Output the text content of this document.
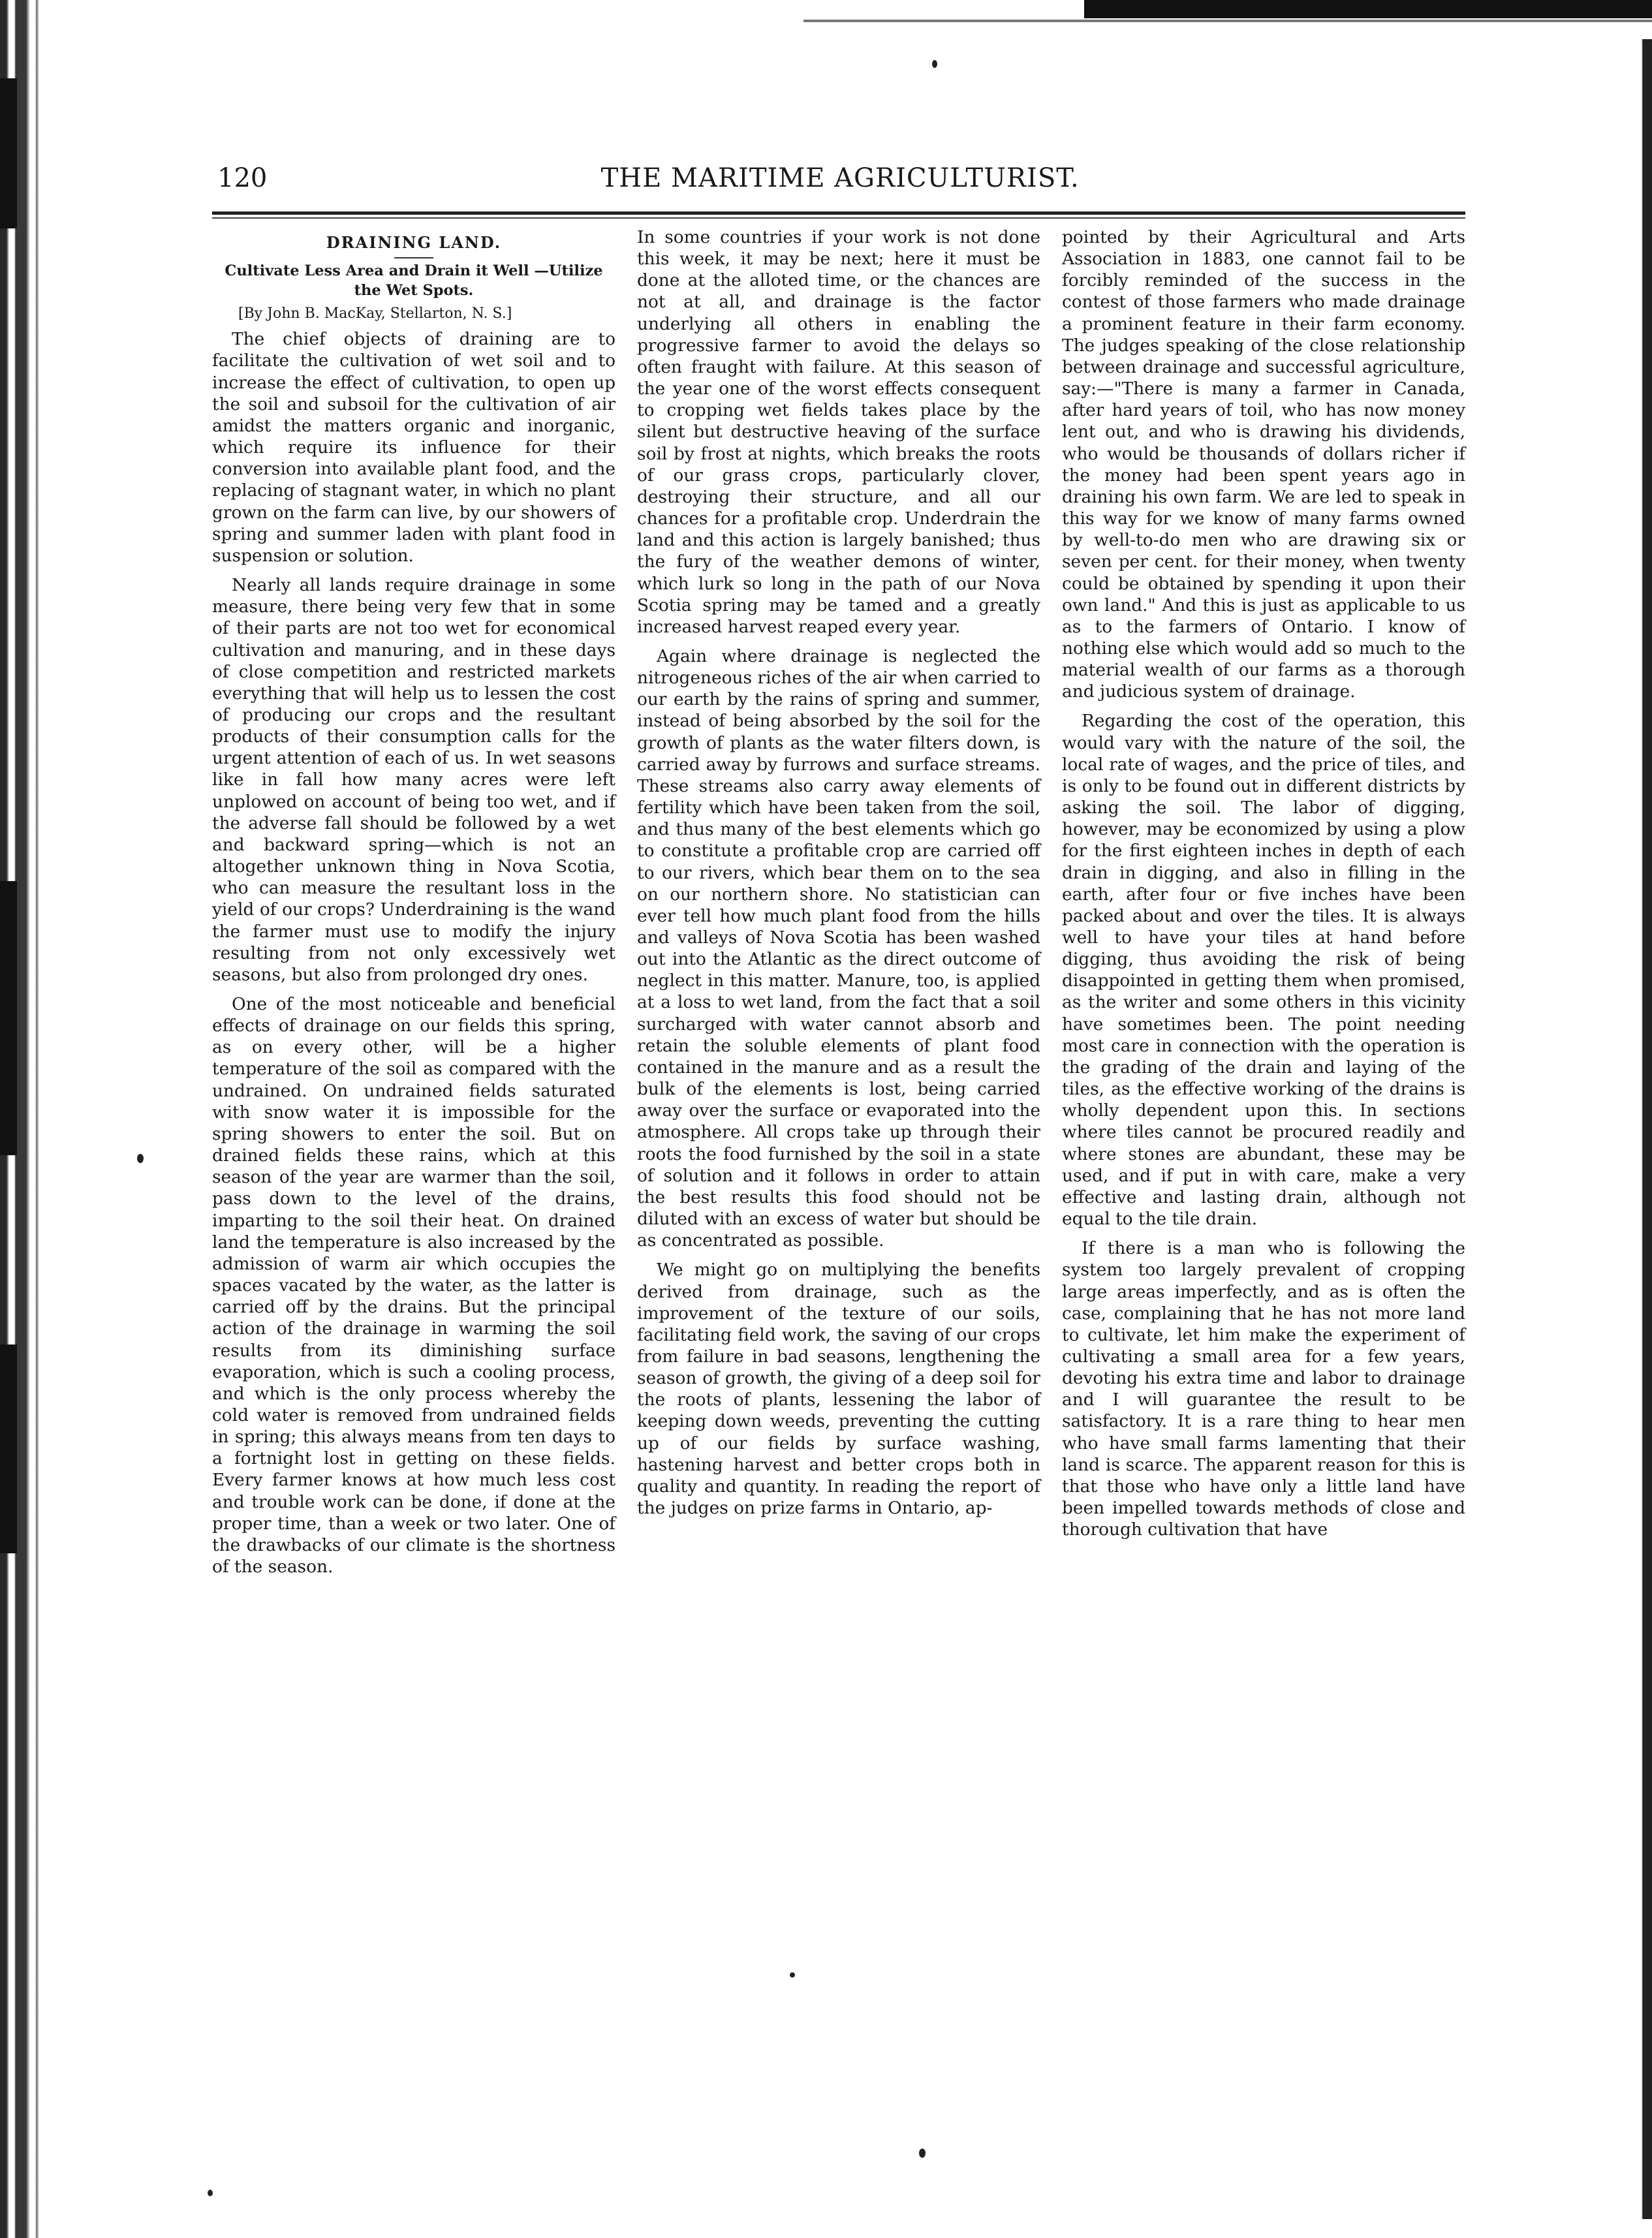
120	THE MARITIME AGRICULTURIST.
DRAINING LAND.
Cultivate Less Area and Drain it Well —Utilize the Wet Spots.
[By John B. MacKay, Stellarton, N. S.]

The chief objects of draining are to facilitate the cultivation of wet soil and to increase the effect of cultivation, to open up the soil and subsoil for the cultivation of air amidst the matters organic and inorganic, which require its influence for their conversion into available plant food, and the replacing of stagnant water, in which no plant grown on the farm can live, by our showers of spring and summer laden with plant food in suspension or solution.

Nearly all lands require drainage in some measure, there being very few that in some of their parts are not too wet for economical cultivation and manuring, and in these days of close competition and restricted markets everything that will help us to lessen the cost of producing our crops and the resultant products of their consumption calls for the urgent attention of each of us. In wet seasons like in fall how many acres were left unplowed on account of being too wet, and if the adverse fall should be followed by a wet and backward spring—which is not an altogether unknown thing in Nova Scotia, who can measure the resultant loss in the yield of our crops? Underdraining is the wand the farmer must use to modify the injury resulting from not only excessively wet seasons, but also from prolonged dry ones.

One of the most noticeable and beneficial effects of drainage on our fields this spring, as on every other, will be a higher temperature of the soil as compared with the undrained. On undrained fields saturated with snow water it is impossible for the spring showers to enter the soil. But on drained fields these rains, which at this season of the year are warmer than the soil, pass down to the level of the drains, imparting to the soil their heat. On drained land the temperature is also increased by the admission of warm air which occupies the spaces vacated by the water, as the latter is carried off by the drains. But the principal action of the drainage in warming the soil results from its diminishing surface evaporation, which is such a cooling process, and which is the only process whereby the cold water is removed from undrained fields in spring; this always means from ten days to a fortnight lost in getting on these fields. Every farmer knows at how much less cost and trouble work can be done, if done at the proper time, than a week or two later. One of the drawbacks of our climate is the shortness of the season.

In some countries if your work is not done this week, it may be next; here it must be done at the alloted time, or the chances are not at all, and drainage is the factor underlying all others in enabling the progressive farmer to avoid the delays so often fraught with failure. At this season of the year one of the worst effects consequent to cropping wet fields takes place by the silent but destructive heaving of the surface soil by frost at nights, which breaks the roots of our grass crops, particularly clover, destroying their structure, and all our chances for a profitable crop. Underdrain the land and this action is largely banished; thus the fury of the weather demons of winter, which lurk so long in the path of our Nova Scotia spring may be tamed and a greatly increased harvest reaped every year.

Again where drainage is neglected the nitrogeneous riches of the air when carried to our earth by the rains of spring and summer, instead of being absorbed by the soil for the growth of plants as the water filters down, is carried away by furrows and surface streams. These streams also carry away elements of fertility which have been taken from the soil, and thus many of the best elements which go to constitute a profitable crop are carried off to our rivers, which bear them on to the sea on our northern shore. No statistician can ever tell how much plant food from the hills and valleys of Nova Scotia has been washed out into the Atlantic as the direct outcome of neglect in this matter. Manure, too, is applied at a loss to wet land, from the fact that a soil surcharged with water cannot absorb and retain the soluble elements of plant food contained in the manure and as a result the bulk of the elements is lost, being carried away over the surface or evaporated into the atmosphere. All crops take up through their roots the food furnished by the soil in a state of solution and it follows in order to attain the best results this food should not be diluted with an excess of water but should be as concentrated as possible.

We might go on multiplying the benefits derived from drainage, such as the improvement of the texture of our soils, facilitating field work, the saving of our crops from failure in bad seasons, lengthening the season of growth, the giving of a deep soil for the roots of plants, lessening the labor of keeping down weeds, preventing the cutting up of our fields by surface washing, hastening harvest and better crops both in quality and quantity. In reading the report of the judges on prize farms in Ontario, ap-

pointed by their Agricultural and Arts Association in 1883, one cannot fail to be forcibly reminded of the success in the contest of those farmers who made drainage a prominent feature in their farm economy. The judges speaking of the close relationship between drainage and successful agriculture, say:—"There is many a farmer in Canada, after hard years of toil, who has now money lent out, and who is drawing his dividends, who would be thousands of dollars richer if the money had been spent years ago in draining his own farm. We are led to speak in this way for we know of many farms owned by well-to-do men who are drawing six or seven per cent. for their money, when twenty could be obtained by spending it upon their own land." And this is just as applicable to us as to the farmers of Ontario. I know of nothing else which would add so much to the material wealth of our farms as a thorough and judicious system of drainage.

Regarding the cost of the operation, this would vary with the nature of the soil, the local rate of wages, and the price of tiles, and is only to be found out in different districts by asking the soil. The labor of digging, however, may be economized by using a plow for the first eighteen inches in depth of each drain in digging, and also in filling in the earth, after four or five inches have been packed about and over the tiles. It is always well to have your tiles at hand before digging, thus avoiding the risk of being disappointed in getting them when promised, as the writer and some others in this vicinity have sometimes been. The point needing most care in connection with the operation is the grading of the drain and laying of the tiles, as the effective working of the drains is wholly dependent upon this. In sections where tiles cannot be procured readily and where stones are abundant, these may be used, and if put in with care, make a very effective and lasting drain, although not equal to the tile drain.

If there is a man who is following the system too largely prevalent of cropping large areas imperfectly, and as is often the case, complaining that he has not more land to cultivate, let him make the experiment of cultivating a small area for a few years, devoting his extra time and labor to drainage and I will guarantee the result to be satisfactory. It is a rare thing to hear men who have small farms lamenting that their land is scarce. The apparent reason for this is that those who have only a little land have been impelled towards methods of close and thorough cultivation that have
